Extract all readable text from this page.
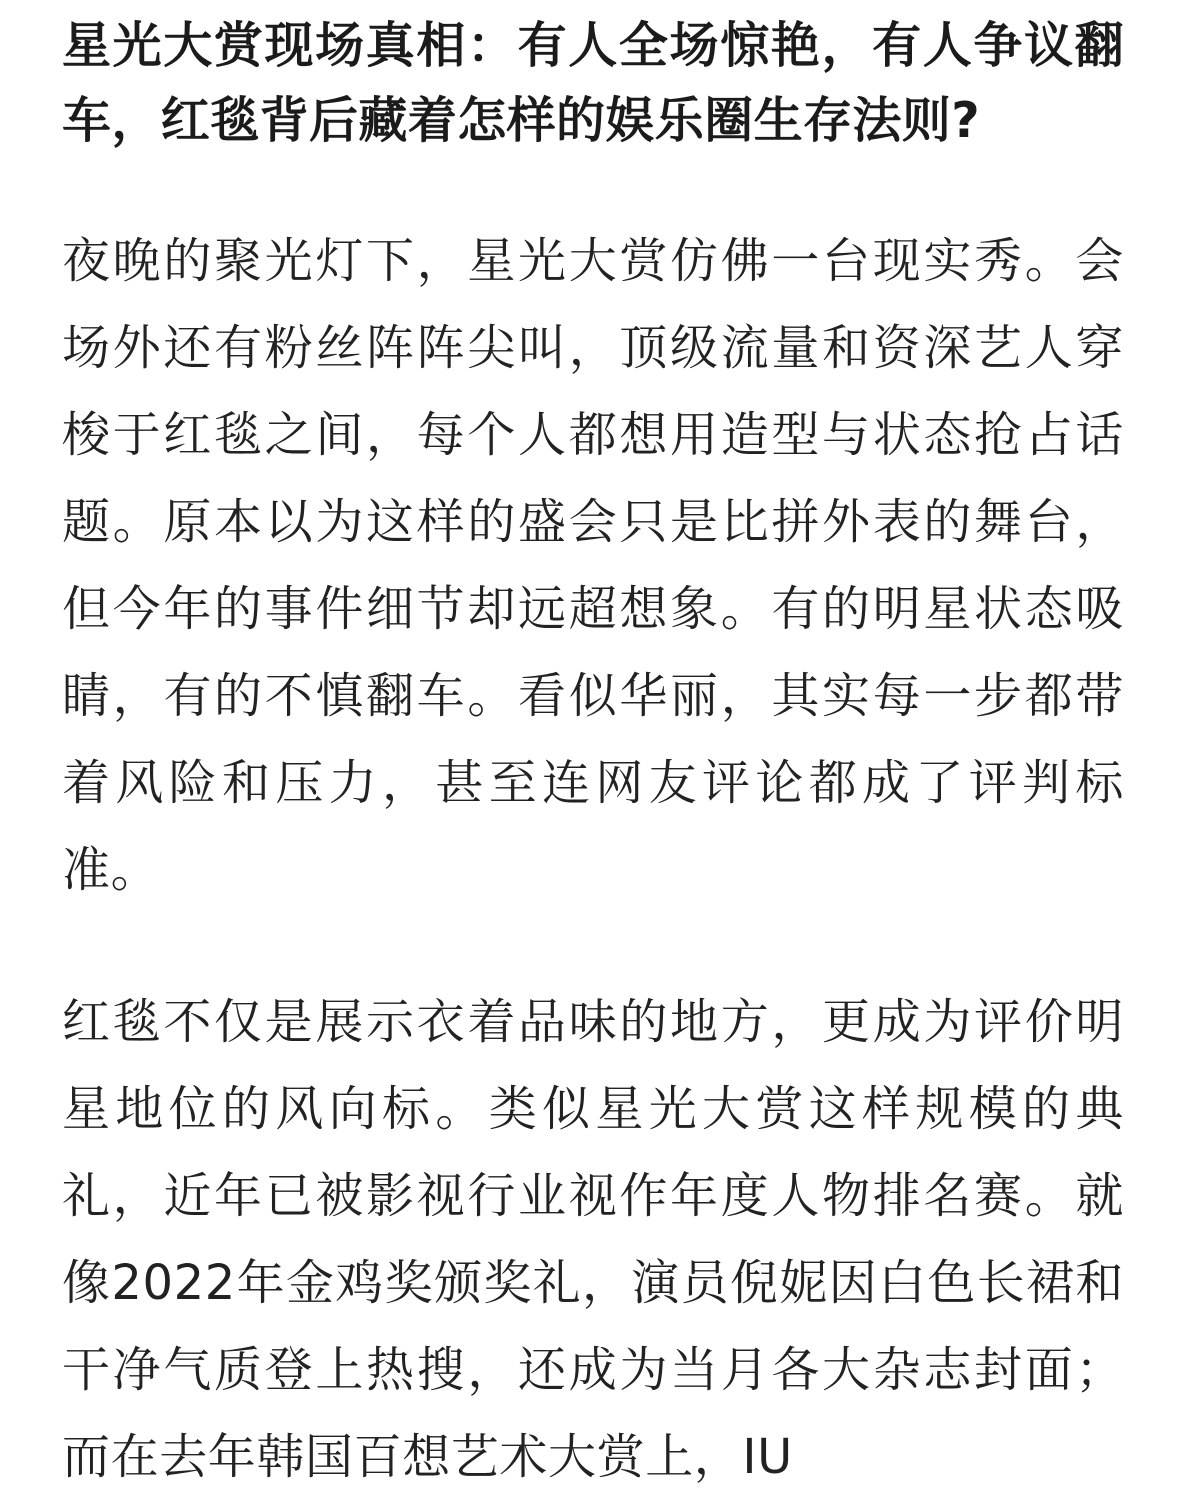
星光大赏现场真相：有人全场惊艳，有人争议翻车，红毯背后藏着怎样的娱乐圈生存法则?

夜晚的聚光灯下，星光大赏仿佛一台现实秀。会场外还有粉丝阵阵尖叫，顶级流量和资深艺人穿梭于红毯之间，每个人都想用造型与状态抢占话题。原本以为这样的盛会只是比拼外表的舞台，但今年的事件细节却远超想象。有的明星状态吸睛，有的不慎翻车。看似华丽，其实每一步都带着风险和压力，甚至连网友评论都成了评判标准。

红毯不仅是展示衣着品味的地方，更成为评价明星地位的风向标。类似星光大赏这样规模的典礼，近年已被影视行业视作年度人物排名赛。就像2022年金鸡奖颁奖礼，演员倪妮因白色长裙和干净气质登上热搜，还成为当月各大杂志封面；而在去年韩国百想艺术大赏上，IU
